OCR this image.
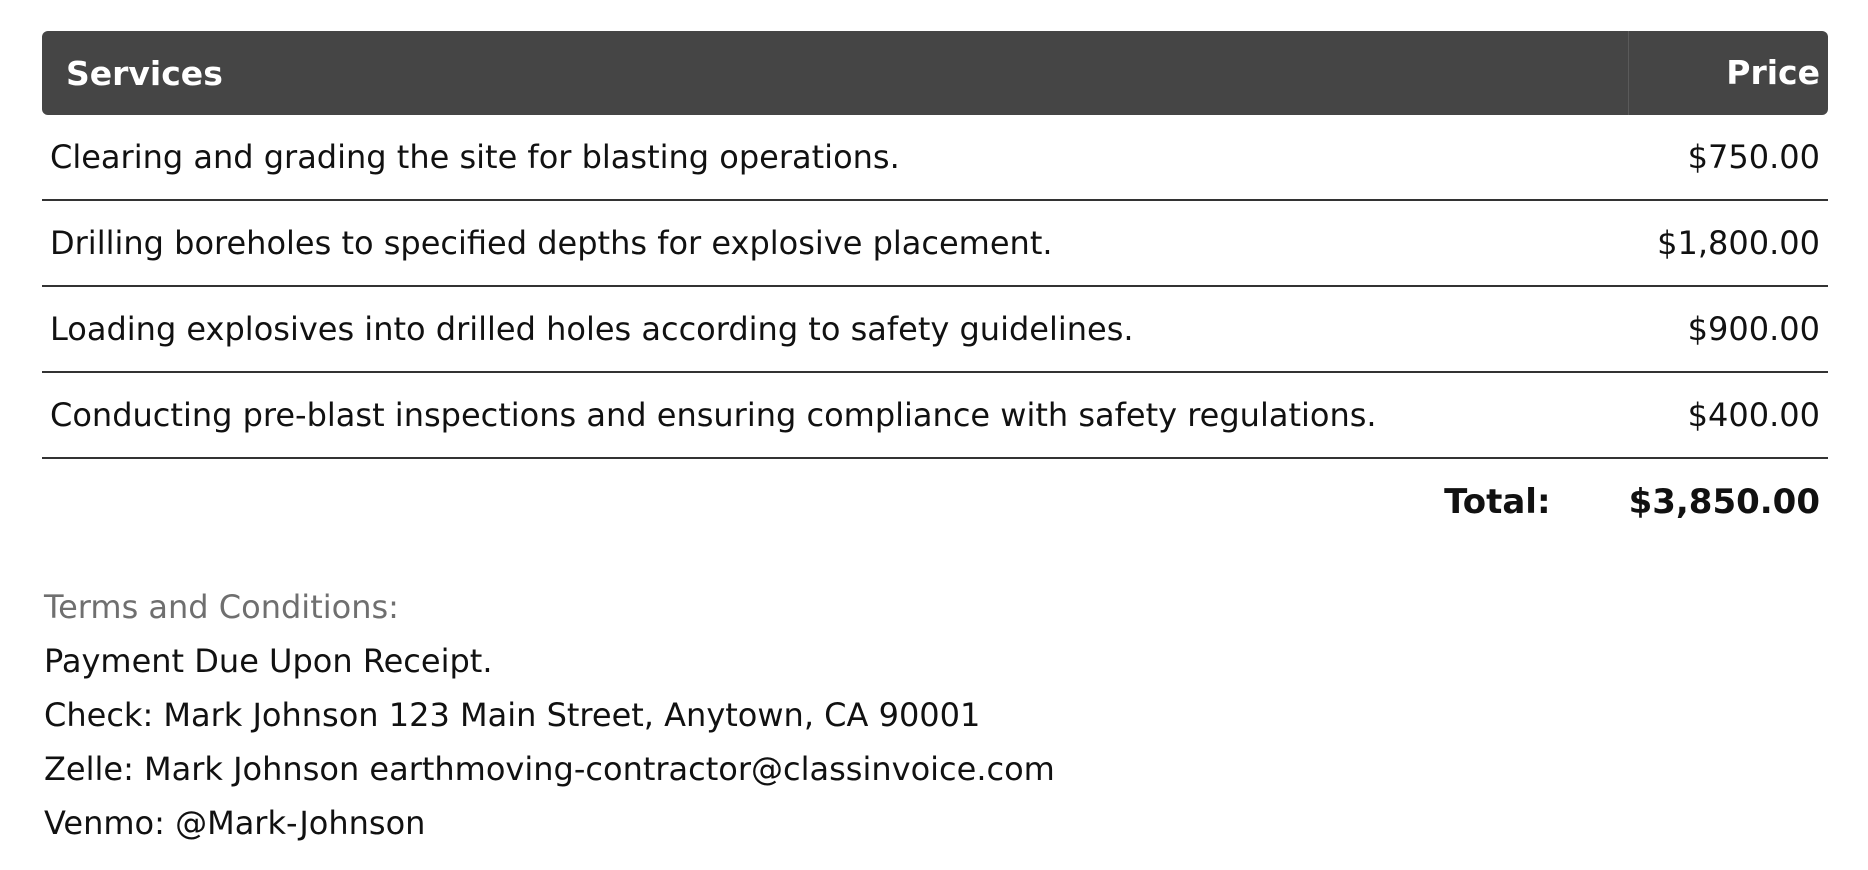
Services	Price
Clearing and grading the site for blasting operations.	$750.00
Drilling boreholes to specified depths for explosive placement.	$1,800.00
Loading explosives into drilled holes according to safety guidelines.	$900.00
Conducting pre-blast inspections and ensuring compliance with safety regulations.	$400.00
Total: $3,850.00
Terms and Conditions:
Payment Due Upon Receipt.
Check: Mark Johnson 123 Main Street, Anytown, CA 90001
Zelle: Mark Johnson earthmoving-contractor@classinvoice.com
Venmo: @Mark-Johnson
